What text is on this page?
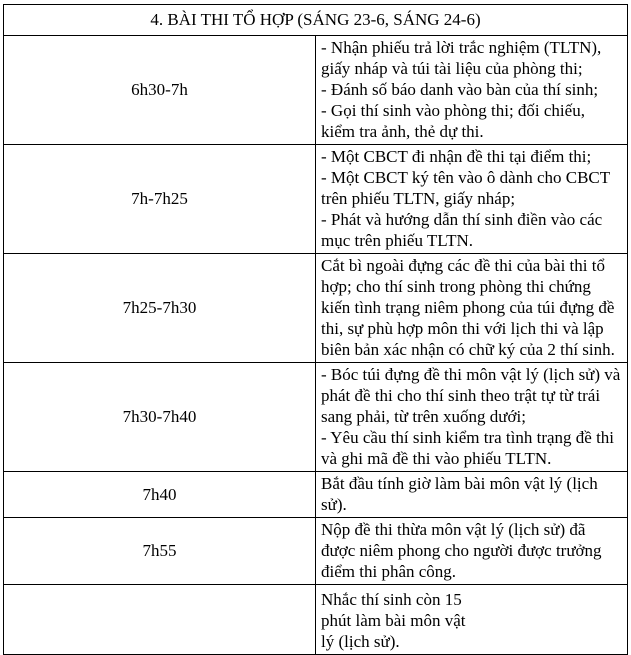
4. BÀI THI TỔ HỢP (SÁNG 23-6, SÁNG 24-6)	
6h30-7h	- Nhận phiếu trả lời trắc nghiệm (TLTN), giấy nháp và túi tài liệu của phòng thi;
- Đánh số báo danh vào bàn của thí sinh;
- Gọi thí sinh vào phòng thi; đối chiếu, kiểm tra ảnh, thẻ dự thi.

7h-7h25	- Một CBCT đi nhận đề thi tại điểm thi;
- Một CBCT ký tên vào ô dành cho CBCT trên phiếu TLTN, giấy nháp;
- Phát và hướng dẫn thí sinh điền vào các mục trên phiếu TLTN.

7h25-7h30	Cắt bì ngoài đựng các đề thi của bài thi tổ hợp; cho thí sinh trong phòng thi chứng kiến tình trạng niêm phong của túi đựng đề thi, sự phù hợp môn thi với lịch thi và lập biên bản xác nhận có chữ ký của 2 thí sinh.

7h30-7h40	- Bóc túi đựng đề thi môn vật lý (lịch sử) và phát đề thi cho thí sinh theo trật tự từ trái sang phải, từ trên xuống dưới;
- Yêu cầu thí sinh kiểm tra tình trạng đề thi và ghi mã đề thi vào phiếu TLTN.

7h40	Bắt đầu tính giờ làm bài môn vật lý (lịch sử).

7h55	Nộp đề thi thừa môn vật lý (lịch sử) đã được niêm phong cho người được trưởng điểm thi phân công.

	Nhắc thí sinh còn 15 phút làm bài môn vật lý (lịch sử).
